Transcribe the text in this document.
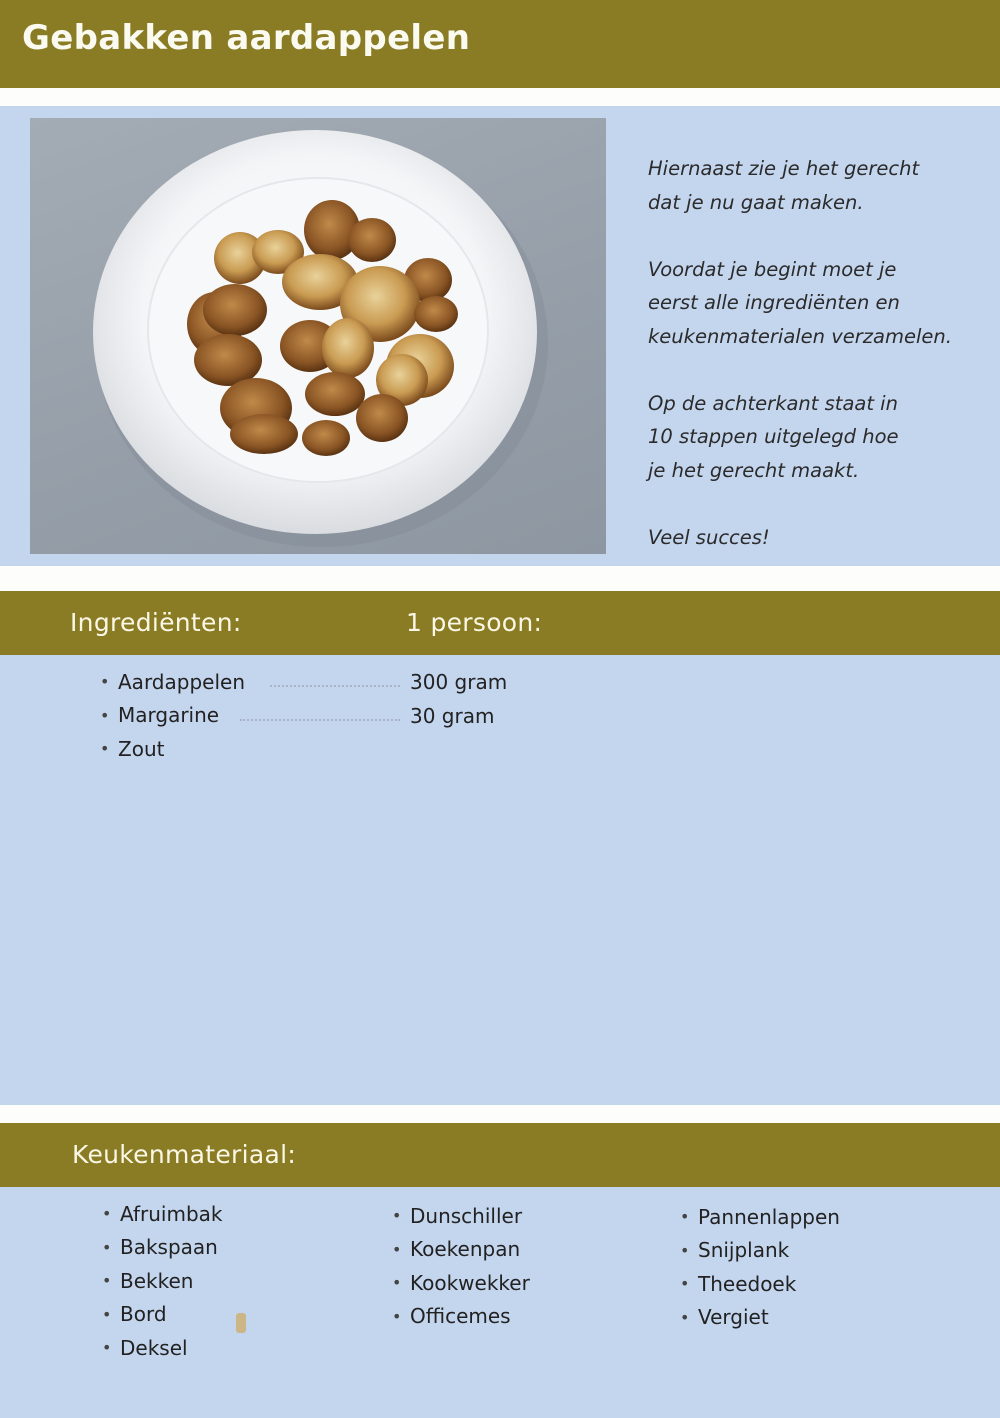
Gebakken aardappelen

Hiernaast zie je het gerecht
dat je nu gaat maken.

Voordat je begint moet je
eerst alle ingrediënten en
keukenmaterialen verzamelen.

Op de achterkant staat in
10 stappen uitgelegd hoe
je het gerecht maakt.

Veel succes!

Ingrediënten:	1 persoon:
• Aardappelen	300 gram
• Margarine	30 gram
• Zout
Keukenmateriaal:
• Afruimbak
• Bakspaan
• Bekken
• Bord
• Deksel
• Dunschiller
• Koekenpan
• Kookwekker
• Officemes
• Pannenlappen
• Snijplank
• Theedoek
• Vergiet
